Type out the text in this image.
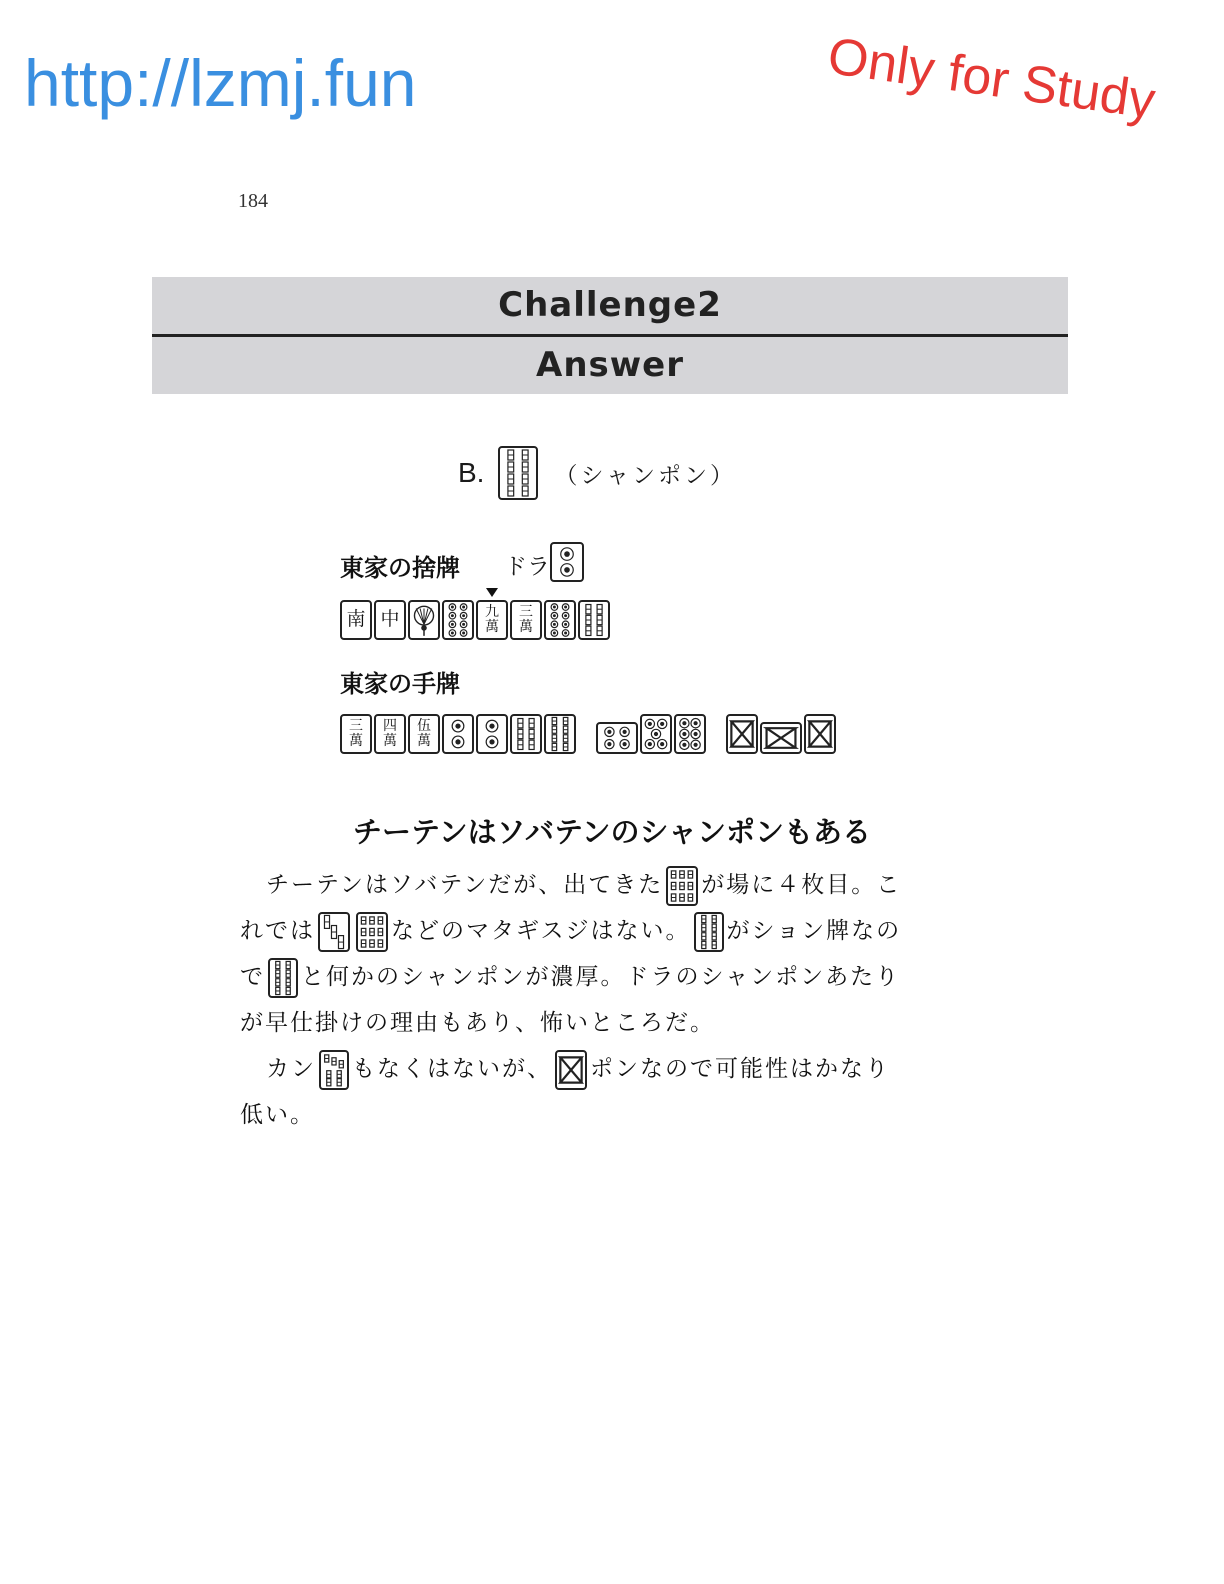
http://lzmj.fun	Only for Study
184
Challenge2
Answer
B.	（シャンポン）
東家の捨牌 ドラ
南 中	九
萬
三
萬
東家の手牌
三
萬
四
萬
伍
萬
チーテンはソバテンのシャンポンもある
チーテンはソバテンだが、出てきた が場に４枚目。こ
れでは	などのマタギスジはない。 がション牌なの
で と何かのシャンポンが濃厚。ドラのシャンポンあたり
が早仕掛けの理由もあり、怖いところだ。
カン もなくはないが、 ポンなので可能性はかなり
低い。
